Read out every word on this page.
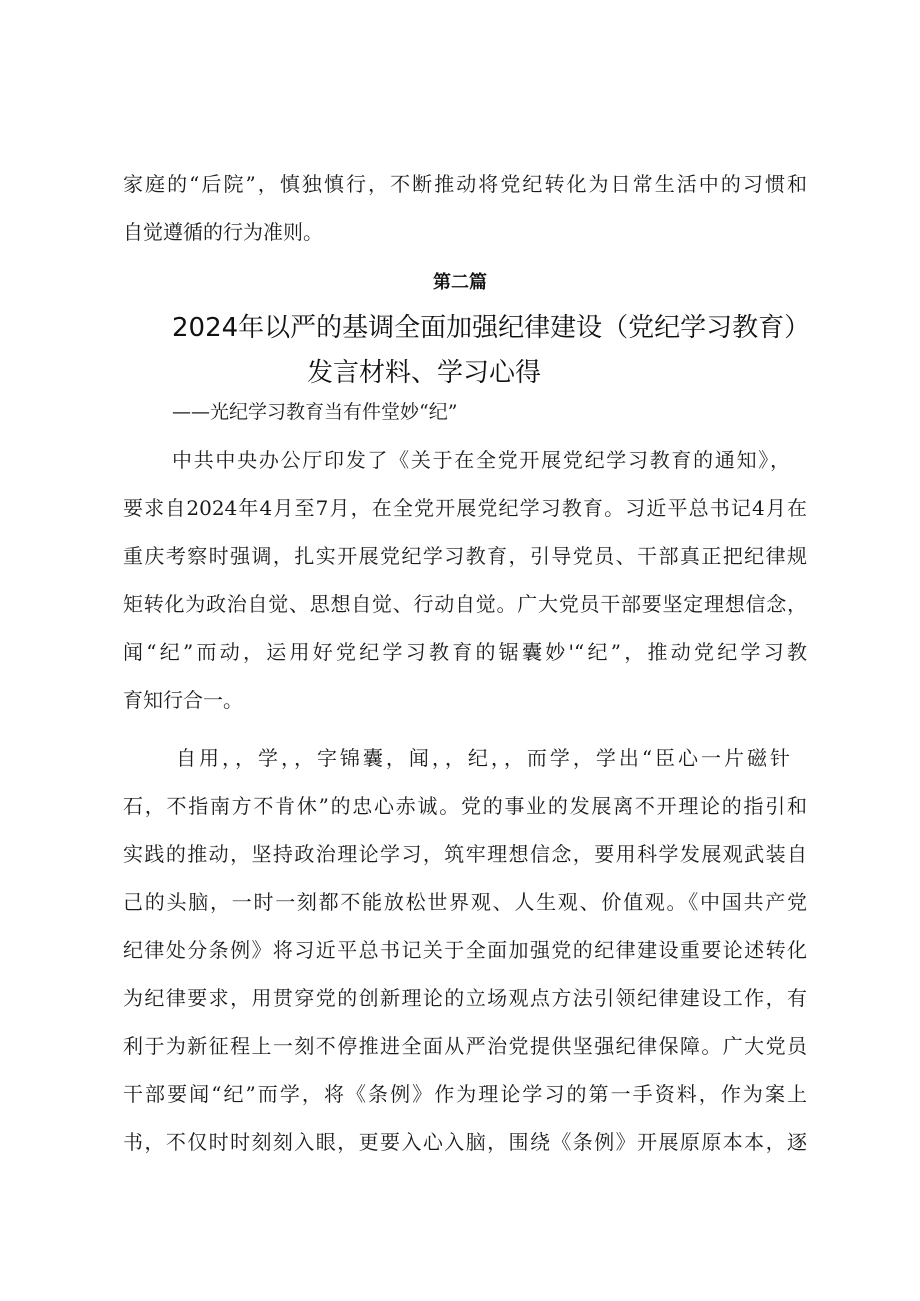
家庭的“后院”，慎独慎行，不断推动将党纪转化为日常生活中的习惯和
自觉遵循的行为准则。
第二篇
2024年以严的基调全面加强纪律建设（党纪学习教育）
发言材料、学习心得
——光纪学习教育当有件堂妙“纪”
中共中央办公厅印发了《关于在全党开展党纪学习教育的通知》，
要求自2024年4月至7月，在全党开展党纪学习教育。习近平总书记4月在
重庆考察时强调，扎实开展党纪学习教育，引导党员、干部真正把纪律规
矩转化为政治自觉、思想自觉、行动自觉。广大党员干部要坚定理想信念，
闻“纪”而动，运用好党纪学习教育的锯囊妙'“纪”，推动党纪学习教
育知行合一。
自用，，学，，字锦囊，闻，，纪，，而学，学出“臣心一片磁针
石，不指南方不肯休”的忠心赤诚。党的事业的发展离不开理论的指引和
实践的推动，坚持政治理论学习，筑牢理想信念，要用科学发展观武装自
己的头脑，一时一刻都不能放松世界观、人生观、价值观。《中国共产党
纪律处分条例》将习近平总书记关于全面加强党的纪律建设重要论述转化
为纪律要求，用贯穿党的创新理论的立场观点方法引领纪律建设工作，有
利于为新征程上一刻不停推进全面从严治党提供坚强纪律保障。广大党员
干部要闻“纪”而学，将《条例》作为理论学习的第一手资料，作为案上
书，不仅时时刻刻入眼，更要入心入脑，围绕《条例》开展原原本本，逐
